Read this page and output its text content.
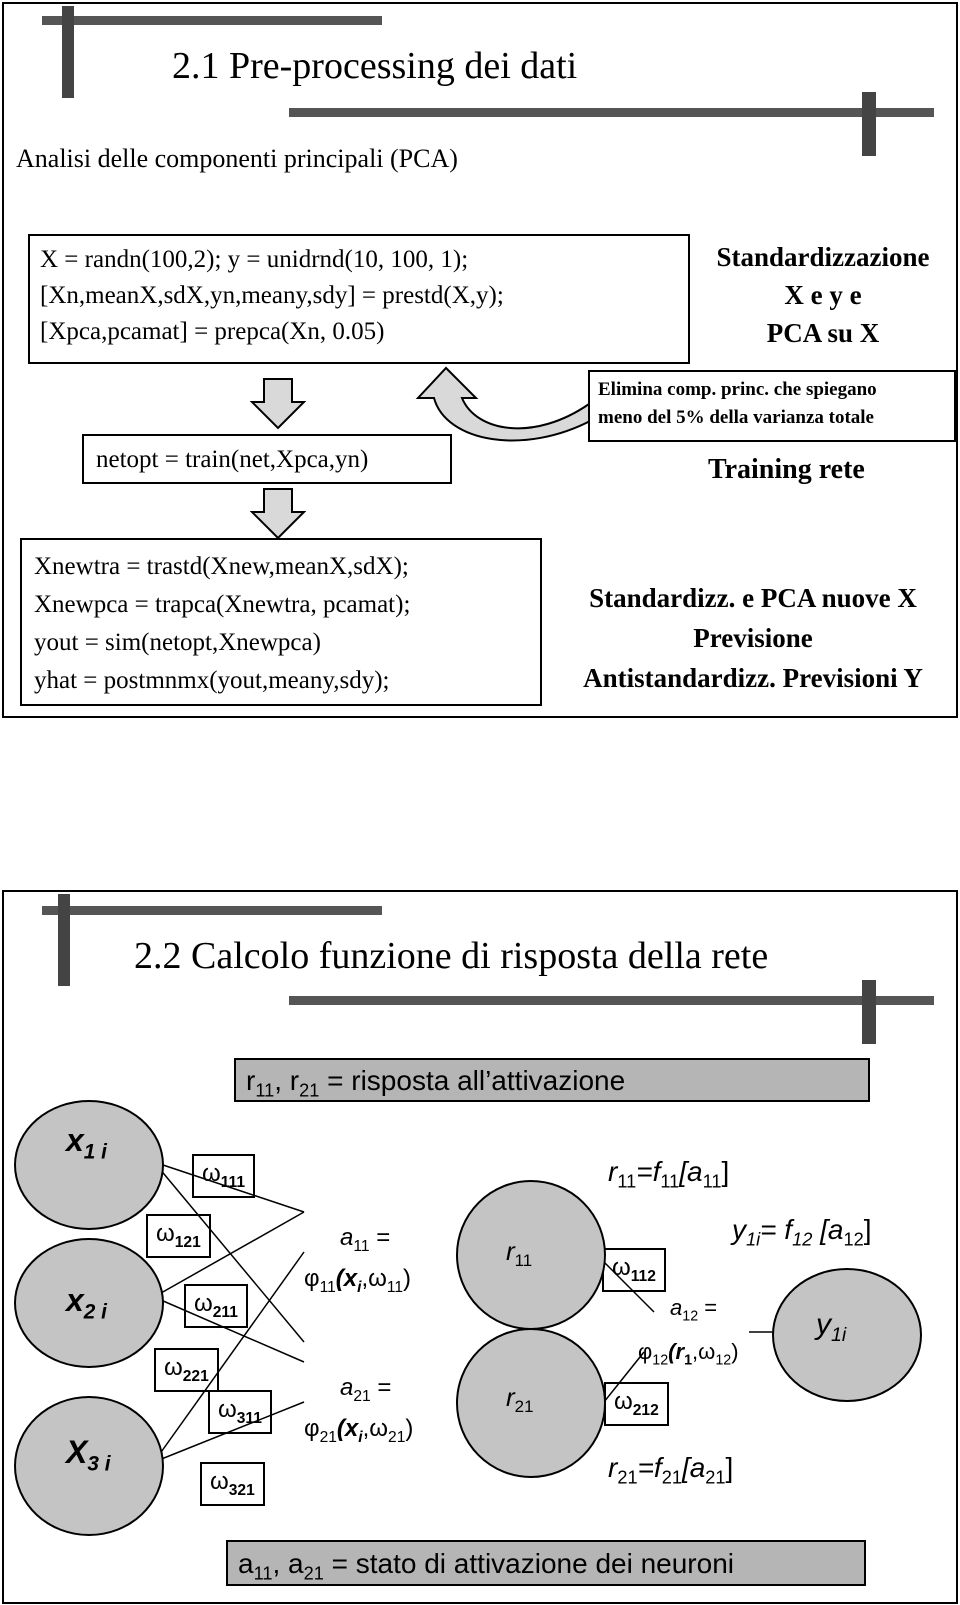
2.1 Pre-processing dei dati
Analisi delle componenti principali (PCA)

X = randn(100,2); y = unidrnd(10, 100, 1);

[Xn,meanX,sdX,yn,meany,sdy] = prestd(X,y);

[Xpca,pcamat] = prepca(Xn, 0.05)

Standardizzazione

X e y e

PCA su X

Elimina comp. princ. che spiegano

meno del 5% della varianza totale

netopt = train(net,Xpca,yn)	Training rete

Xnewtra = trastd(Xnew,meanX,sdX);

Xnewpca = trapca(Xnewtra, pcamat);

yout = sim(netopt,Xnewpca)

yhat = postmnmx(yout,meany,sdy);

Standardizz. e PCA nuove X

Previsione

Antistandardizz. Previsioni Y

2.2 Calcolo funzione di risposta della rete
$r_{11}$, $r_{21}$ = risposta all’attivazione
$x_{1 i}$
$x_{2 i}$
$X_{3 i}$
$\omega_{111}$
$\omega_{121}$
$\omega_{211}$
$\omega_{221}$
$\omega_{311}$
$\omega_{321}$
$\omega_{112}$
$\omega_{212}$
$a_{11}$ =
$\varphi_{11}(x_i,\omega_{11})$
$a_{21}$ =
$\varphi_{21}(x_i,\omega_{21})$
$r_{11}$
$r_{21}$
$r_{11}=f_{11}[a_{11}]$
$y_{1i}= f_{12}$ $[a_{12}]$
$a_{12}$ =
$\varphi_{12}(r_1,\omega_{12})$
$y_{1i}$
$r_{21}=f_{21}[a_{21}]$
$a_{11}$, $a_{21}$ = stato di attivazione dei neuroni
